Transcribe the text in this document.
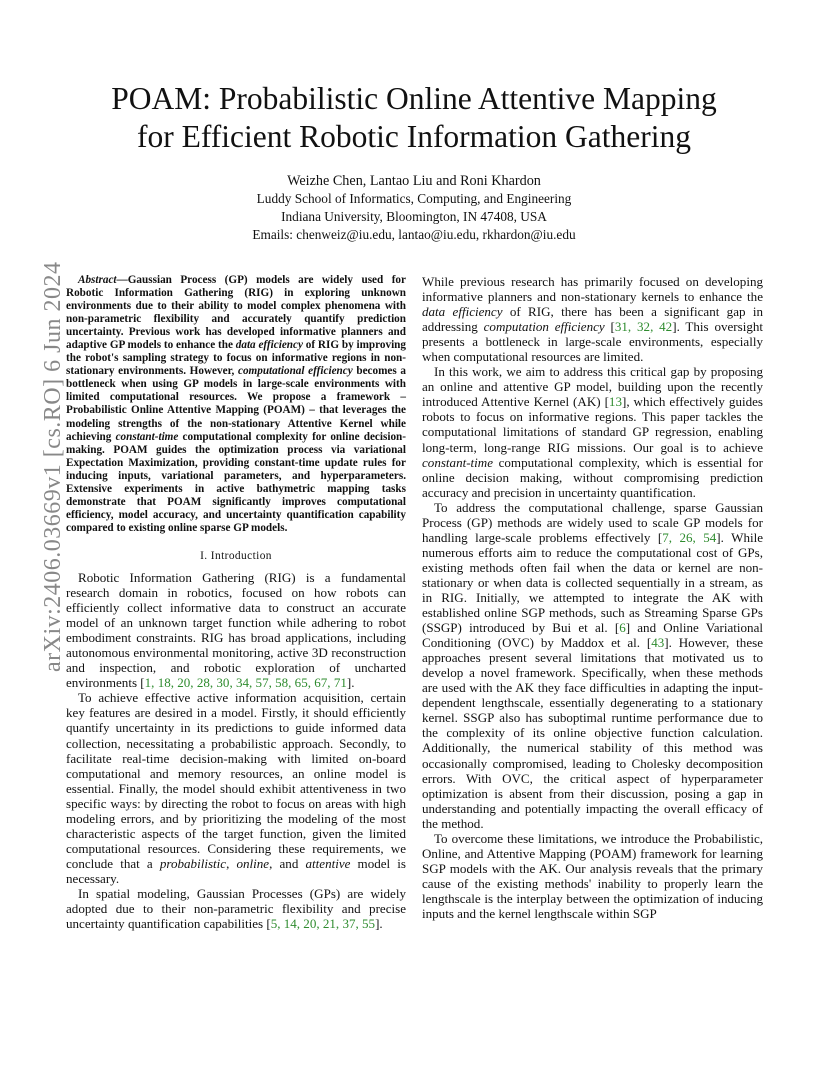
arXiv:2406.03669v1 [cs.RO] 6 Jun 2024
POAM: Probabilistic Online Attentive Mapping
for Efficient Robotic Information Gathering
Weizhe Chen, Lantao Liu and Roni Khardon
Luddy School of Informatics, Computing, and Engineering
Indiana University, Bloomington, IN 47408, USA
Emails: chenweiz@iu.edu, lantao@iu.edu, rkhardon@iu.edu

Abstract—Gaussian Process (GP) models are widely used for Robotic Information Gathering (RIG) in exploring unknown environments due to their ability to model complex phenomena with non-parametric flexibility and accurately quantify prediction uncertainty. Previous work has developed informative planners and adaptive GP models to enhance the data efficiency of RIG by improving the robot's sampling strategy to focus on informative regions in non-stationary environments. However, computational efficiency becomes a bottleneck when using GP models in large-scale environments with limited computational resources. We propose a framework – Probabilistic Online Attentive Mapping (POAM) – that leverages the modeling strengths of the non-stationary Attentive Kernel while achieving constant-time computational complexity for online decision-making. POAM guides the optimization process via variational Expectation Maximization, providing constant-time update rules for inducing inputs, variational parameters, and hyperparameters. Extensive experiments in active bathymetric mapping tasks demonstrate that POAM significantly improves computational efficiency, model accuracy, and uncertainty quantification capability compared to existing online sparse GP models.

I. Introduction

Robotic Information Gathering (RIG) is a fundamental research domain in robotics, focused on how robots can efficiently collect informative data to construct an accurate model of an unknown target function while adhering to robot embodiment constraints. RIG has broad applications, including autonomous environmental monitoring, active 3D reconstruction and inspection, and robotic exploration of uncharted environments [1, 18, 20, 28, 30, 34, 57, 58, 65, 67, 71].

To achieve effective active information acquisition, certain key features are desired in a model. Firstly, it should efficiently quantify uncertainty in its predictions to guide informed data collection, necessitating a probabilistic approach. Secondly, to facilitate real-time decision-making with limited on-board computational and memory resources, an online model is essential. Finally, the model should exhibit attentiveness in two specific ways: by directing the robot to focus on areas with high modeling errors, and by prioritizing the modeling of the most characteristic aspects of the target function, given the limited computational resources. Considering these requirements, we conclude that a probabilistic, online, and attentive model is necessary.

In spatial modeling, Gaussian Processes (GPs) are widely adopted due to their non-parametric flexibility and precise uncertainty quantification capabilities [5, 14, 20, 21, 37, 55].

While previous research has primarily focused on developing informative planners and non-stationary kernels to enhance the data efficiency of RIG, there has been a significant gap in addressing computation efficiency [31, 32, 42]. This oversight presents a bottleneck in large-scale environments, especially when computational resources are limited.

In this work, we aim to address this critical gap by proposing an online and attentive GP model, building upon the recently introduced Attentive Kernel (AK) [13], which effectively guides robots to focus on informative regions. This paper tackles the computational limitations of standard GP regression, enabling long-term, long-range RIG missions. Our goal is to achieve constant-time computational complexity, which is essential for online decision making, without compromising prediction accuracy and precision in uncertainty quantification.

To address the computational challenge, sparse Gaussian Process (GP) methods are widely used to scale GP models for handling large-scale problems effectively [7, 26, 54]. While numerous efforts aim to reduce the computational cost of GPs, existing methods often fail when the data or kernel are non-stationary or when data is collected sequentially in a stream, as in RIG. Initially, we attempted to integrate the AK with established online SGP methods, such as Streaming Sparse GPs (SSGP) introduced by Bui et al. [6] and Online Variational Conditioning (OVC) by Maddox et al. [43]. However, these approaches present several limitations that motivated us to develop a novel framework. Specifically, when these methods are used with the AK they face difficulties in adapting the input-dependent lengthscale, essentially degenerating to a stationary kernel. SSGP also has suboptimal runtime performance due to the complexity of its online objective function calculation. Additionally, the numerical stability of this method was occasionally compromised, leading to Cholesky decomposition errors. With OVC, the critical aspect of hyperparameter optimization is absent from their discussion, posing a gap in understanding and potentially impacting the overall efficacy of the method.

To overcome these limitations, we introduce the Probabilistic, Online, and Attentive Mapping (POAM) framework for learning SGP models with the AK. Our analysis reveals that the primary cause of the existing methods' inability to properly learn the lengthscale is the interplay between the optimization of inducing inputs and the kernel lengthscale within SGP
